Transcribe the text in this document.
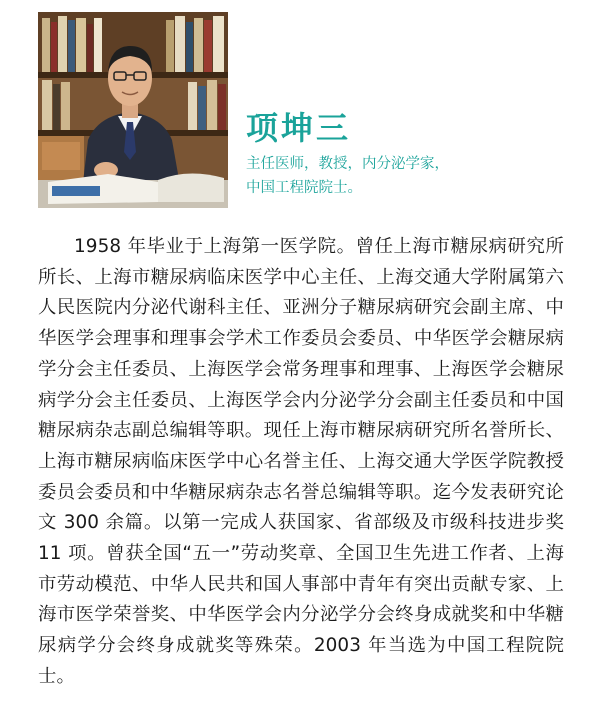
项坤三
主任医师，教授，内分泌学家，
中国工程院院士。

1958 年毕业于上海第一医学院。曾任上海市糖尿病研究所所长、上海市糖尿病临床医学中心主任、上海交通大学附属第六人民医院内分泌代谢科主任、亚洲分子糖尿病研究会副主席、中华医学会理事和理事会学术工作委员会委员、中华医学会糖尿病学分会主任委员、上海医学会常务理事和理事、上海医学会糖尿病学分会主任委员、上海医学会内分泌学分会副主任委员和中国糖尿病杂志副总编辑等职。现任上海市糖尿病研究所名誉所长、上海市糖尿病临床医学中心名誉主任、上海交通大学医学院教授委员会委员和中华糖尿病杂志名誉总编辑等职。迄今发表研究论文 300 余篇。以第一完成人获国家、省部级及市级科技进步奖 11 项。曾获全国“五一”劳动奖章、全国卫生先进工作者、上海市劳动模范、中华人民共和国人事部中青年有突出贡献专家、上海市医学荣誉奖、中华医学会内分泌学分会终身成就奖和中华糖尿病学分会终身成就奖等殊荣。2003 年当选为中国工程院院士。
